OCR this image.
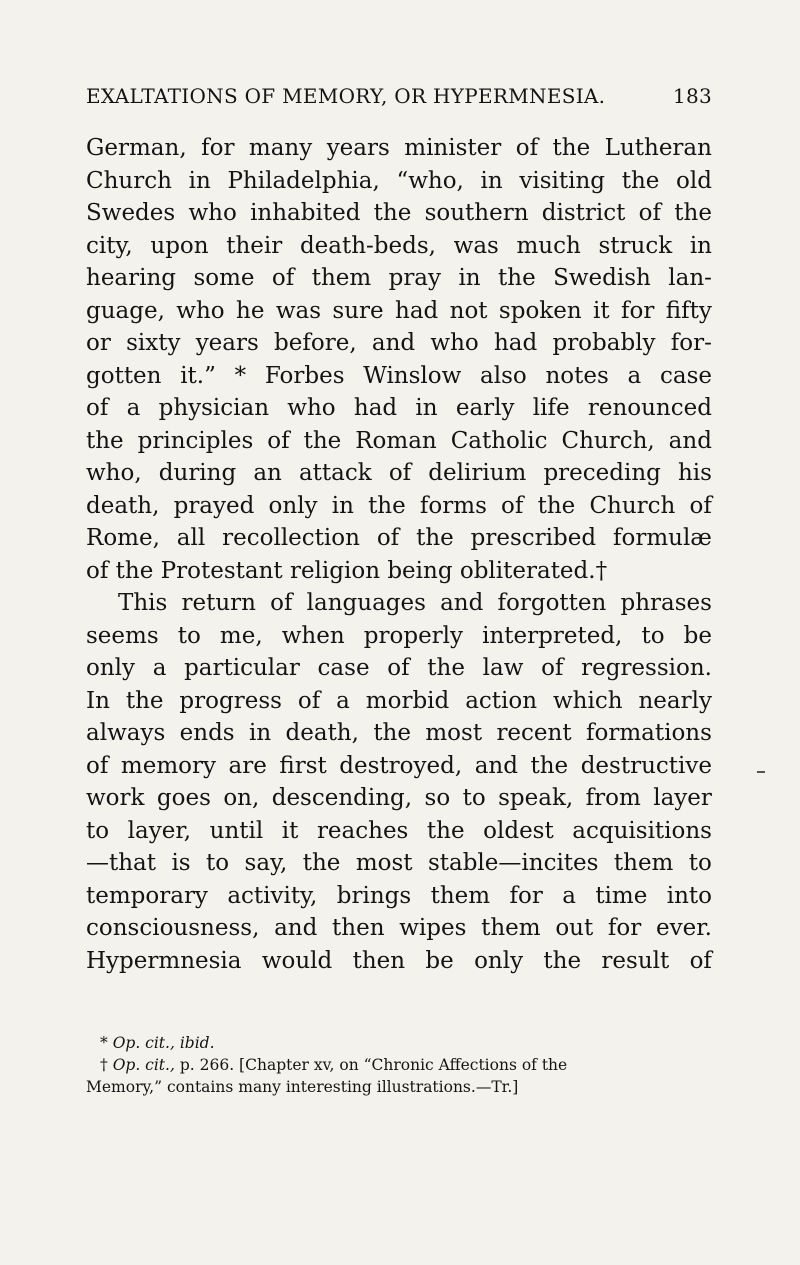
EXALTATIONS OF MEMORY, OR HYPERMNESIA.	183
German, for many years minister of the Lutheran
Church in Philadelphia, “who, in visiting the old
Swedes who inhabited the southern district of the
city, upon their death-beds, was much struck in
hearing some of them pray in the Swedish lan-
guage, who he was sure had not spoken it for fifty
or sixty years before, and who had probably for-
gotten it.” * Forbes Winslow also notes a case
of a physician who had in early life renounced
the principles of the Roman Catholic Church, and
who, during an attack of delirium preceding his
death, prayed only in the forms of the Church of
Rome, all recollection of the prescribed formulæ
of the Protestant religion being obliterated.†
This return of languages and forgotten phrases
seems to me, when properly interpreted, to be
only a particular case of the law of regression.
In the progress of a morbid action which nearly
always ends in death, the most recent formations
of memory are first destroyed, and the destructive
work goes on, descending, so to speak, from layer
to layer, until it reaches the oldest acquisitions
—that is to say, the most stable—incites them to
temporary activity, brings them for a time into
consciousness, and then wipes them out for ever.
Hypermnesia would then be only the result of
* Op. cit., ibid.
† Op. cit., p. 266. [Chapter xv, on “Chronic Affections of the
Memory,” contains many interesting illustrations.—Tr.]
